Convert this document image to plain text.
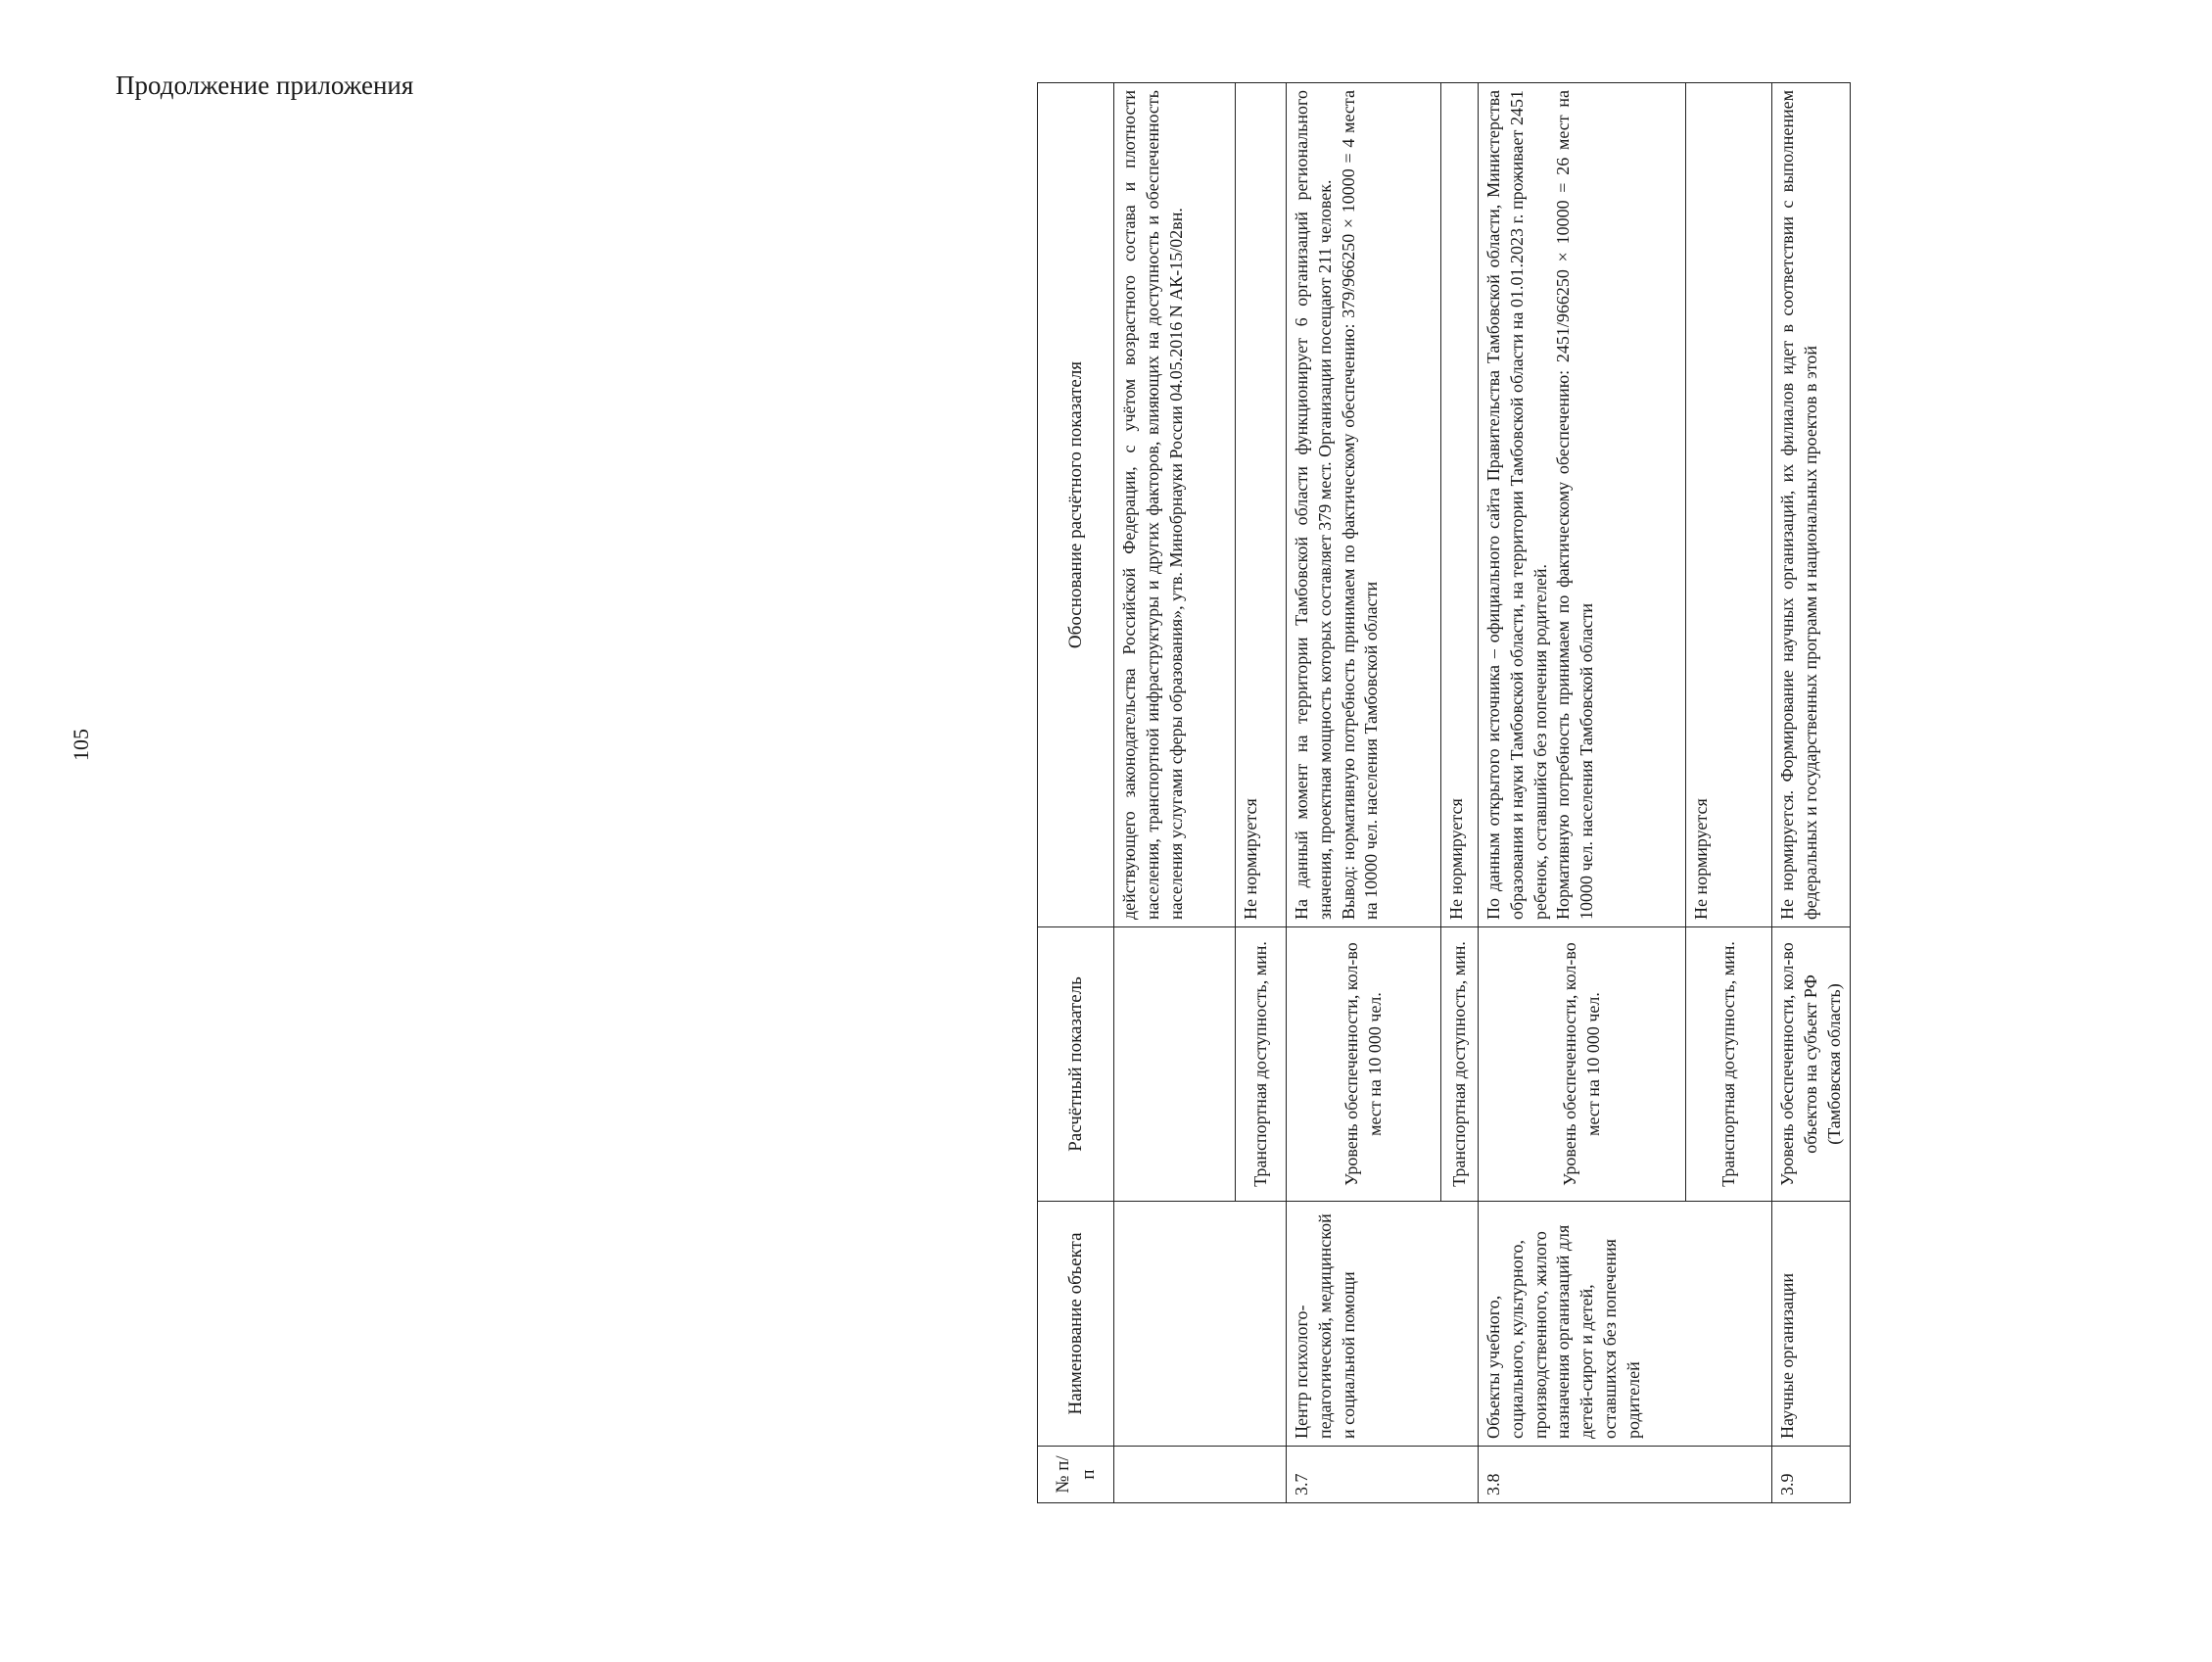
105
Продолжение приложения
№ п/п	Наименование объекта	Расчётный показатель	Обоснование расчётного показателя
			действующего законодательства Российской Федерации, с учётом возрастного состава и плотности населения, транспортной инфраструктуры и других факторов, влияющих на доступность и обеспеченность населения услугами сферы образования», утв. Минобрнауки России 04.05.2016 N АК-15/02вн.
		Транспортная доступность, мин.	Не нормируется
3.7	Центр психолого-педагогической, медицинской и социальной помощи	Уровень обеспеченности, кол-во мест на 10 000 чел.	На данный момент на территории Тамбовской области функционирует 6 организаций регионального значения, проектная мощность которых составляет 379 мест. Организации посещают 211 человек. Вывод: нормативную потребность принимаем по фактическому обеспечению: 379/966250 × 10000 = 4 места на 10000 чел. населения Тамбовской области

		Транспортная доступность, мин.	Не нормируется
3.8	Объекты учебного, социального, культурного, производственного, жилого назначения организаций для детей-сирот и детей, оставшихся без попечения родителей	Уровень обеспеченности, кол-во мест на 10 000 чел.	По данным открытого источника – официального сайта Правительства Тамбовской области, Министерства образования и науки Тамбовской области, на территории Тамбовской области на 01.01.2023 г. проживает 2451 ребенок, оставшийся без попечения родителей. Нормативную потребность принимаем по фактическому обеспечению: 2451/966250 × 10000 = 26 мест на 10000 чел. населения Тамбовской области

		Транспортная доступность, мин.	Не нормируется
3.9	Научные организации	Уровень обеспеченности, кол-во объектов на субъект РФ (Тамбовская область)	Не нормируется. Формирование научных организаций, их филиалов идет в соответствии с выполнением федеральных и государственных программ и национальных проектов в этой
